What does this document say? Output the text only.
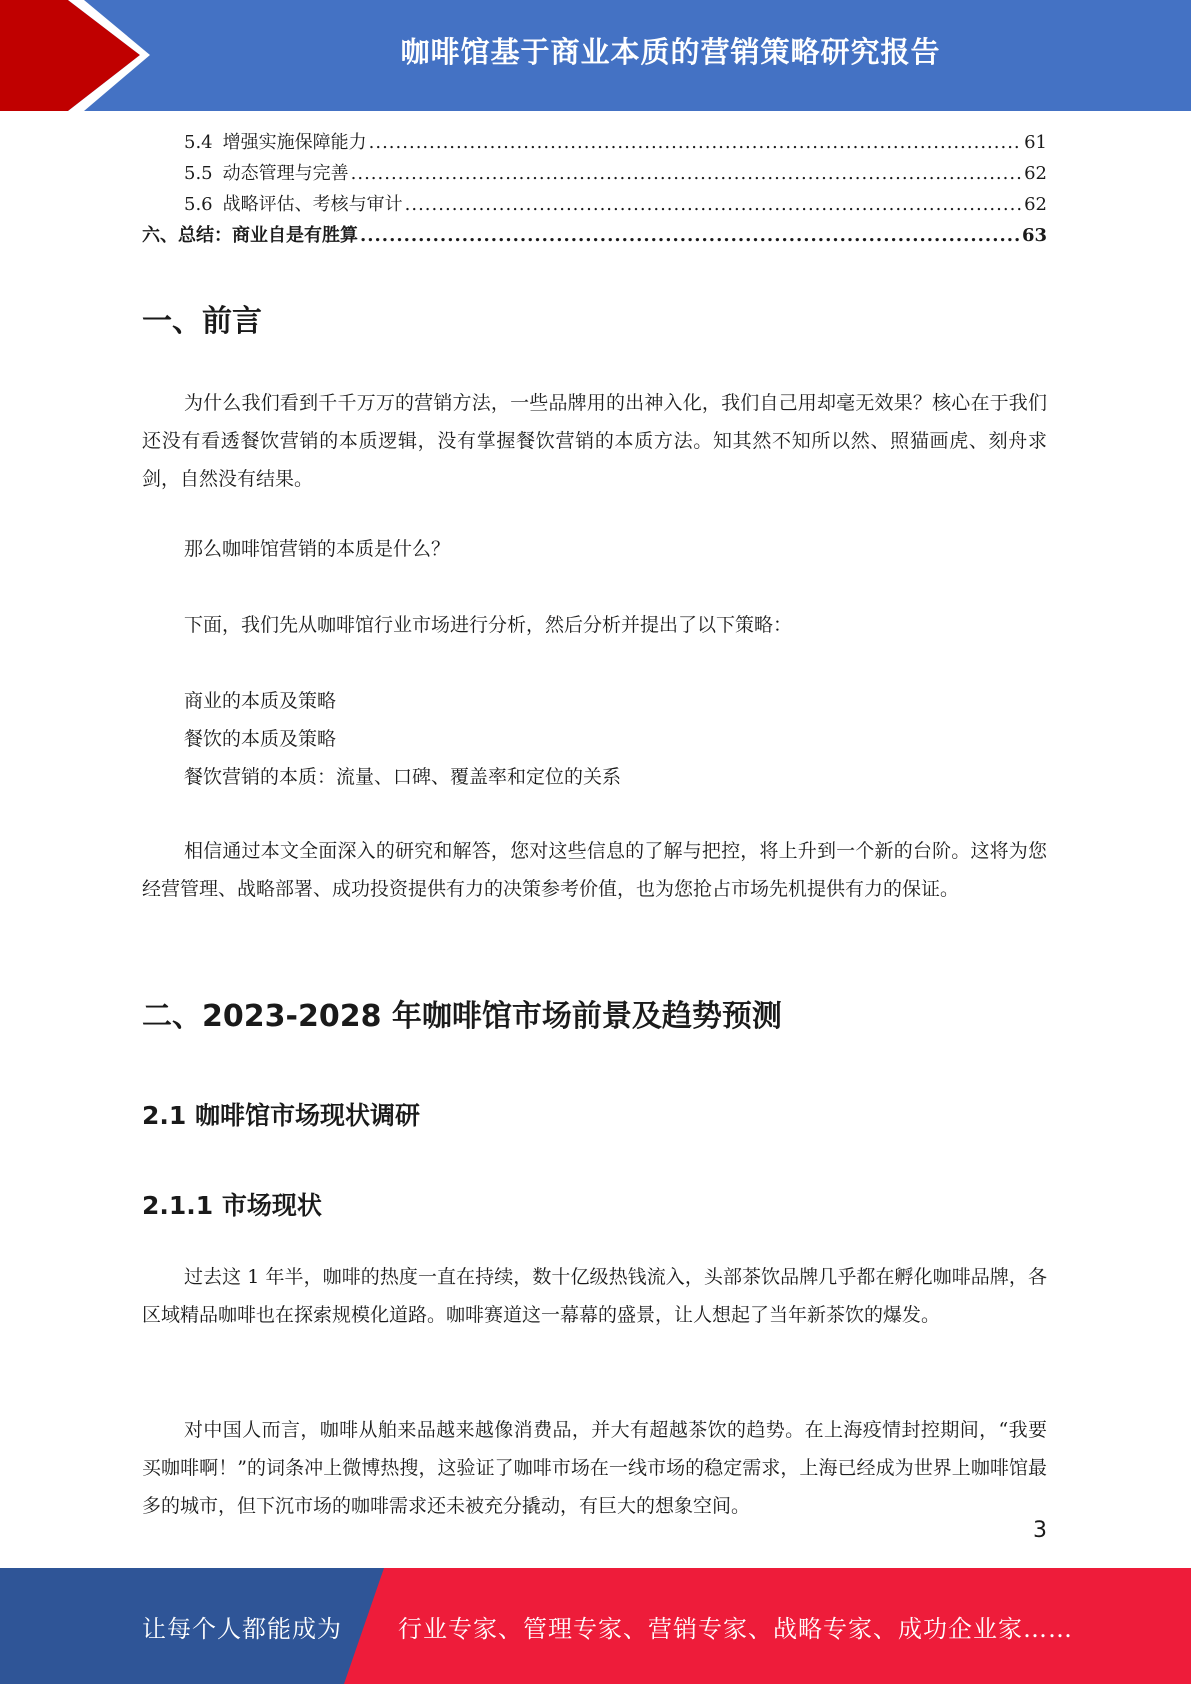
咖啡馆基于商业本质的营销策略研究报告
5.4 增强实施保障能力 .....	61
5.5 动态管理与完善 .....	62
5.6 战略评估、考核与审计 .....	62
六、总结：商业自是有胜算 .....	63
一、前言

为什么我们看到千千万万的营销方法，一些品牌用的出神入化，我们自己用却毫无效果？核心在于我们还没有看透餐饮营销的本质逻辑，没有掌握餐饮营销的本质方法。知其然不知所以然、照猫画虎、刻舟求剑，自然没有结果。

那么咖啡馆营销的本质是什么？
下面，我们先从咖啡馆行业市场进行分析，然后分析并提出了以下策略：
商业的本质及策略
餐饮的本质及策略
餐饮营销的本质：流量、口碑、覆盖率和定位的关系

相信通过本文全面深入的研究和解答，您对这些信息的了解与把控，将上升到一个新的台阶。这将为您经营管理、战略部署、成功投资提供有力的决策参考价值，也为您抢占市场先机提供有力的保证。

二、2023-2028 年咖啡馆市场前景及趋势预测
2.1 咖啡馆市场现状调研
2.1.1 市场现状

过去这 1 年半，咖啡的热度一直在持续，数十亿级热钱流入，头部茶饮品牌几乎都在孵化咖啡品牌，各区域精品咖啡也在探索规模化道路。咖啡赛道这一幕幕的盛景，让人想起了当年新茶饮的爆发。

对中国人而言，咖啡从舶来品越来越像消费品，并大有超越茶饮的趋势。在上海疫情封控期间，“我要买咖啡啊！”的词条冲上微博热搜，这验证了咖啡市场在一线市场的稳定需求，上海已经成为世界上咖啡馆最多的城市，但下沉市场的咖啡需求还未被充分撬动，有巨大的想象空间。

3
让每个人都能成为 行业专家、管理专家、营销专家、战略专家、成功企业家……
